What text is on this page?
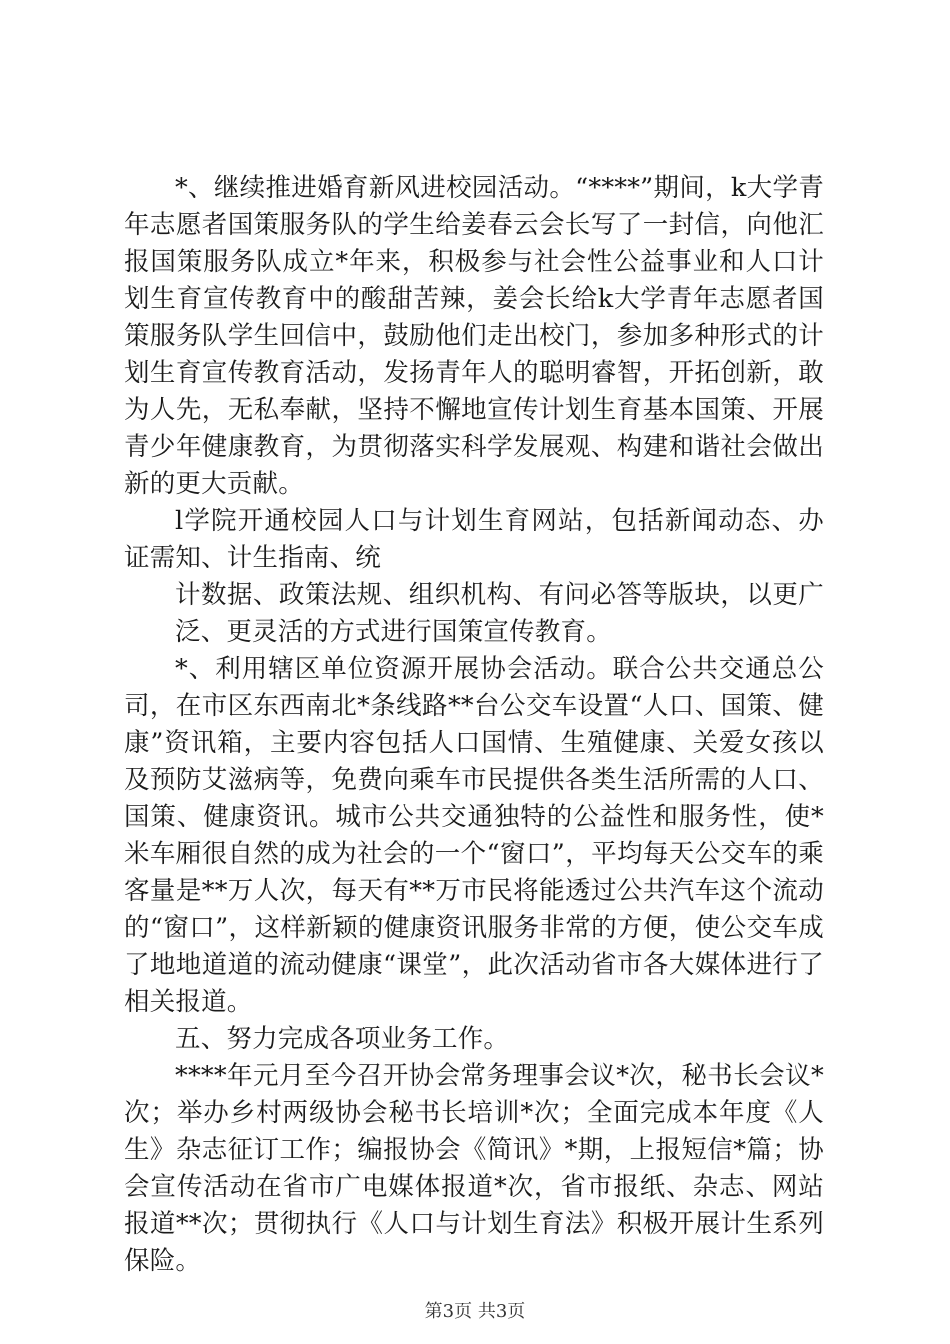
*、继续推进婚育新风进校园活动。“****”期间，k大学青年志愿者国策服务队的学生给姜春云会长写了一封信，向他汇报国策服务队成立*年来，积极参与社会性公益事业和人口计划生育宣传教育中的酸甜苦辣，姜会长给k大学青年志愿者国策服务队学生回信中，鼓励他们走出校门，参加多种形式的计划生育宣传教育活动，发扬青年人的聪明睿智，开拓创新，敢为人先，无私奉献，坚持不懈地宣传计划生育基本国策、开展青少年健康教育，为贯彻落实科学发展观、构建和谐社会做出新的更大贡献。

l学院开通校园人口与计划生育网站，包括新闻动态、办证需知、计生指南、统

计数据、政策法规、组织机构、有问必答等版块，以更广泛、更灵活的方式进行国策宣传教育。

*、利用辖区单位资源开展协会活动。联合公共交通总公司，在市区东西南北*条线路**台公交车设置“人口、国策、健康”资讯箱，主要内容包括人口国情、生殖健康、关爱女孩以及预防艾滋病等，免费向乘车市民提供各类生活所需的人口、国策、健康资讯。城市公共交通独特的公益性和服务性，使*米车厢很自然的成为社会的一个“窗口”，平均每天公交车的乘客量是**万人次，每天有**万市民将能透过公共汽车这个流动的“窗口”，这样新颖的健康资讯服务非常的方便，使公交车成了地地道道的流动健康“课堂”，此次活动省市各大媒体进行了相关报道。

五、努力完成各项业务工作。

****年元月至今召开协会常务理事会议*次，秘书长会议*次；举办乡村两级协会秘书长培训*次；全面完成本年度《人生》杂志征订工作；编报协会《简讯》*期，上报短信*篇；协会宣传活动在省市广电媒体报道*次，省市报纸、杂志、网站报道**次；贯彻执行《人口与计划生育法》积极开展计生系列保险。

第3页 共3页
